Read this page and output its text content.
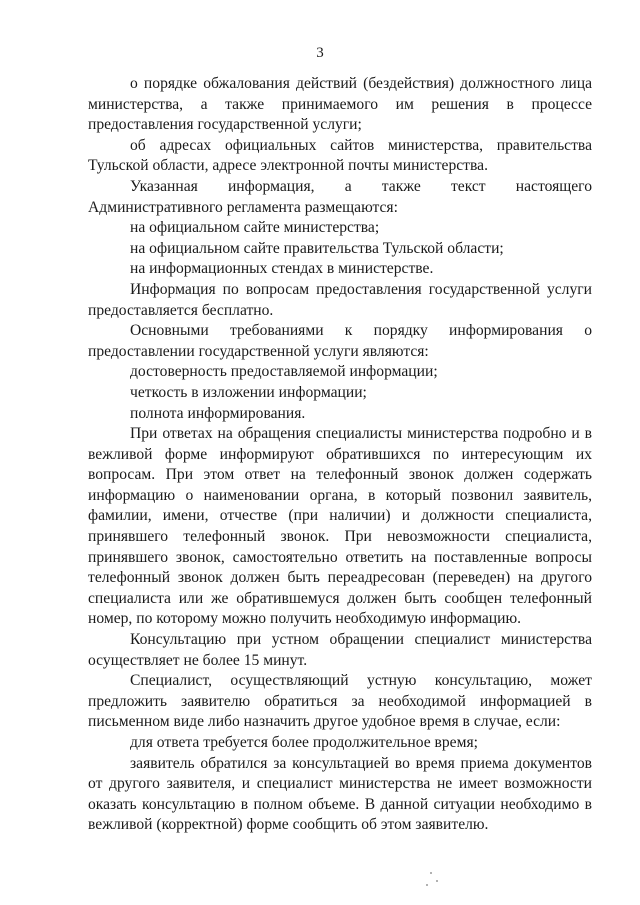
3

о порядке обжалования действий (бездействия) должностного лица министерства, а также принимаемого им решения в процессе предоставления государственной услуги;

об адресах официальных сайтов министерства, правительства Тульской области, адресе электронной почты министерства.

Указанная информация, а также текст настоящего Административного регламента размещаются:

на официальном сайте министерства;

на официальном сайте правительства Тульской области;

на информационных стендах в министерстве.

Информация по вопросам предоставления государственной услуги предоставляется бесплатно.

Основными требованиями к порядку информирования о предоставлении государственной услуги являются:

достоверность предоставляемой информации;

четкость в изложении информации;

полнота информирования.

При ответах на обращения специалисты министерства подробно и в вежливой форме информируют обратившихся по интересующим их вопросам. При этом ответ на телефонный звонок должен содержать информацию о наименовании органа, в который позвонил заявитель, фамилии, имени, отчестве (при наличии) и должности специалиста, принявшего телефонный звонок. При невозможности специалиста, принявшего звонок, самостоятельно ответить на поставленные вопросы телефонный звонок должен быть переадресован (переведен) на другого специалиста или же обратившемуся должен быть сообщен телефонный номер, по которому можно получить необходимую информацию.

Консультацию при устном обращении специалист министерства осуществляет не более 15 минут.

Специалист, осуществляющий устную консультацию, может предложить заявителю обратиться за необходимой информацией в письменном виде либо назначить другое удобное время в случае, если:

для ответа требуется более продолжительное время;

заявитель обратился за консультацией во время приема документов от другого заявителя, и специалист министерства не имеет возможности оказать консультацию в полном объеме. В данной ситуации необходимо в вежливой (корректной) форме сообщить об этом заявителю.
